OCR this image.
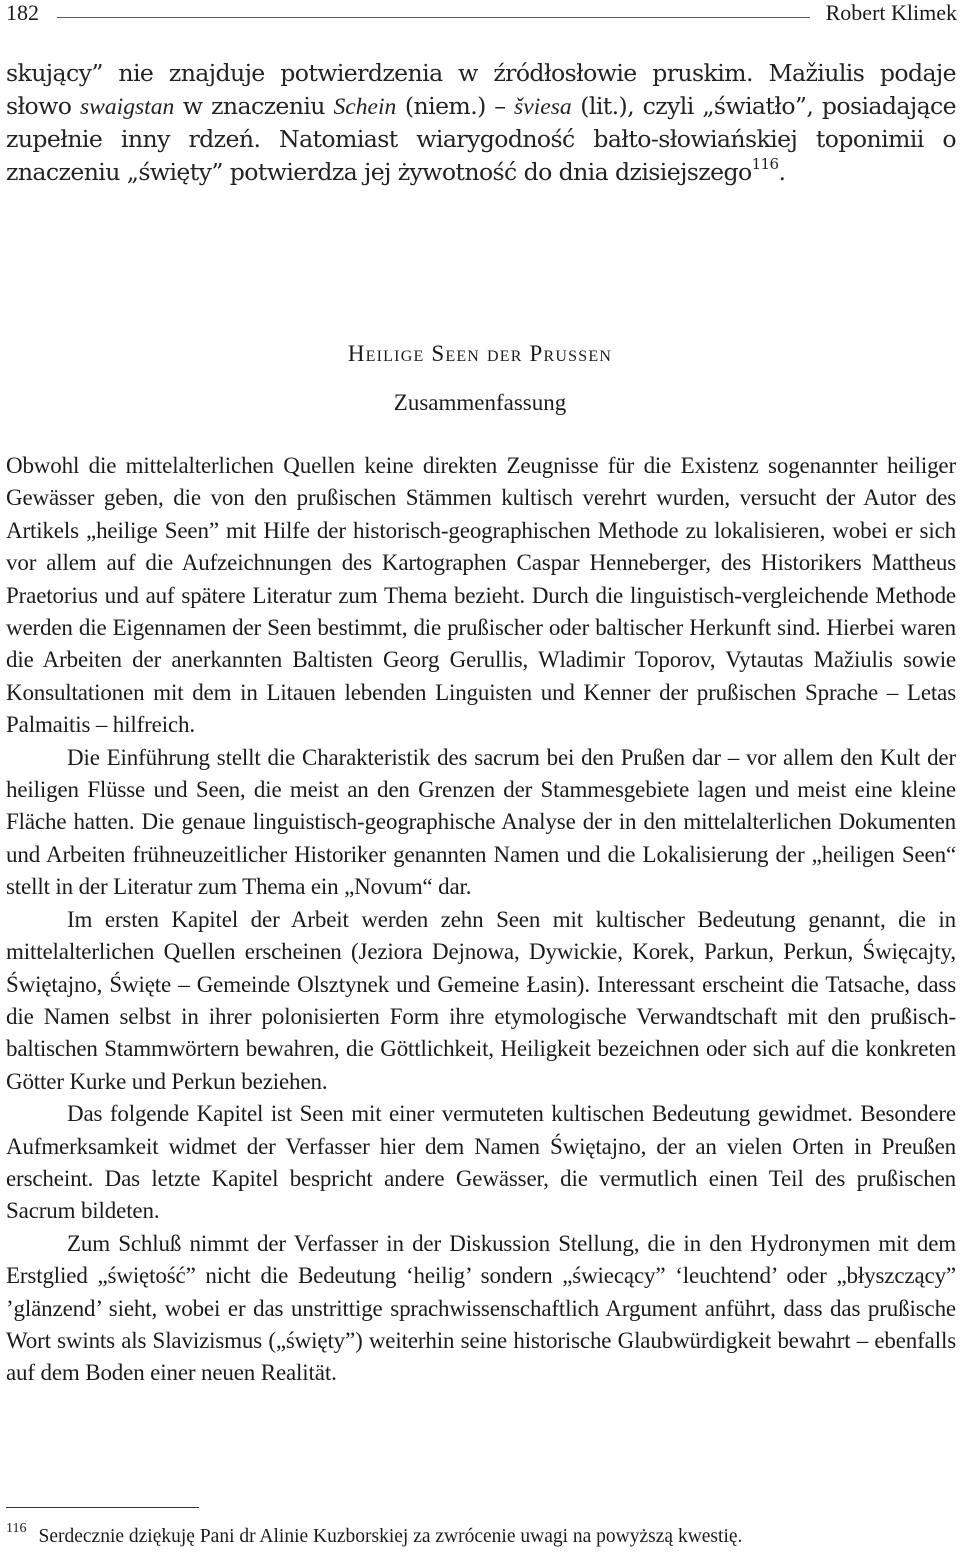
182	Robert Klimek

skujący” nie znajduje potwierdzenia w źródłosłowie pruskim. Mažiulis podaje słowo swaigstan w znaczeniu Schein (niem.) – šviesa (lit.), czyli „światło”, posiadające zupełnie inny rdzeń. Natomiast wiarygodność bałto-słowiańskiej toponimii o znaczeniu „święty” potwierdza jej żywotność do dnia dzisiejszego$^{116}$.

Heilige Seen der Prussen
Zusammenfassung

Obwohl die mittelalterlichen Quellen keine direkten Zeugnisse für die Existenz sogenannter heiliger Gewässer geben, die von den prußischen Stämmen kultisch verehrt wurden, versucht der Autor des Artikels „heilige Seen” mit Hilfe der historisch-geographischen Methode zu lokalisieren, wobei er sich vor allem auf die Aufzeichnungen des Kartographen Caspar Henneberger, des Historikers Mattheus Praetorius und auf spätere Literatur zum Thema bezieht. Durch die linguistisch-vergleichende Methode werden die Eigennamen der Seen bestimmt, die prußischer oder baltischer Herkunft sind. Hierbei waren die Arbeiten der anerkannten Baltisten Georg Gerullis, Wladimir Toporov, Vytautas Mažiulis sowie Konsultationen mit dem in Litauen lebenden Linguisten und Kenner der prußischen Sprache – Letas Palmaitis – hilfreich.

Die Einführung stellt die Charakteristik des sacrum bei den Prußen dar – vor allem den Kult der heiligen Flüsse und Seen, die meist an den Grenzen der Stammesgebiete lagen und meist eine kleine Fläche hatten. Die genaue linguistisch-geographische Analyse der in den mittelalterlichen Dokumenten und Arbeiten frühneuzeitlicher Historiker genannten Namen und die Lokalisierung der „heiligen Seen“ stellt in der Literatur zum Thema ein „Novum“ dar.

Im ersten Kapitel der Arbeit werden zehn Seen mit kultischer Bedeutung genannt, die in mittelalterlichen Quellen erscheinen (Jeziora Dejnowa, Dywickie, Korek, Parkun, Perkun, Święcajty, Świętajno, Święte – Gemeinde Olsztynek und Gemeine Łasin). Interessant erscheint die Tatsache, dass die Namen selbst in ihrer polonisierten Form ihre etymologische Verwandtschaft mit den prußisch-baltischen Stammwörtern bewahren, die Göttlichkeit, Heiligkeit bezeichnen oder sich auf die konkreten Götter Kurke und Perkun beziehen.

Das folgende Kapitel ist Seen mit einer vermuteten kultischen Bedeutung gewidmet. Besondere Aufmerksamkeit widmet der Verfasser hier dem Namen Świętajno, der an vielen Orten in Preußen erscheint. Das letzte Kapitel bespricht andere Gewässer, die vermutlich einen Teil des prußischen Sacrum bildeten.

Zum Schluß nimmt der Verfasser in der Diskussion Stellung, die in den Hydronymen mit dem Erstglied „świętość” nicht die Bedeutung ‘heilig’ sondern „świecący” ‘leuchtend’ oder „błyszczący” ’glänzend’ sieht, wobei er das unstrittige sprachwissenschaftlich Argument anführt, dass das prußische Wort swints als Slavizismus („święty”) weiterhin seine historische Glaubwürdigkeit bewahrt – ebenfalls auf dem Boden einer neuen Realität.

$^{116}$ Serdecznie dziękuję Pani dr Alinie Kuzborskiej za zwrócenie uwagi na powyższą kwestię.
